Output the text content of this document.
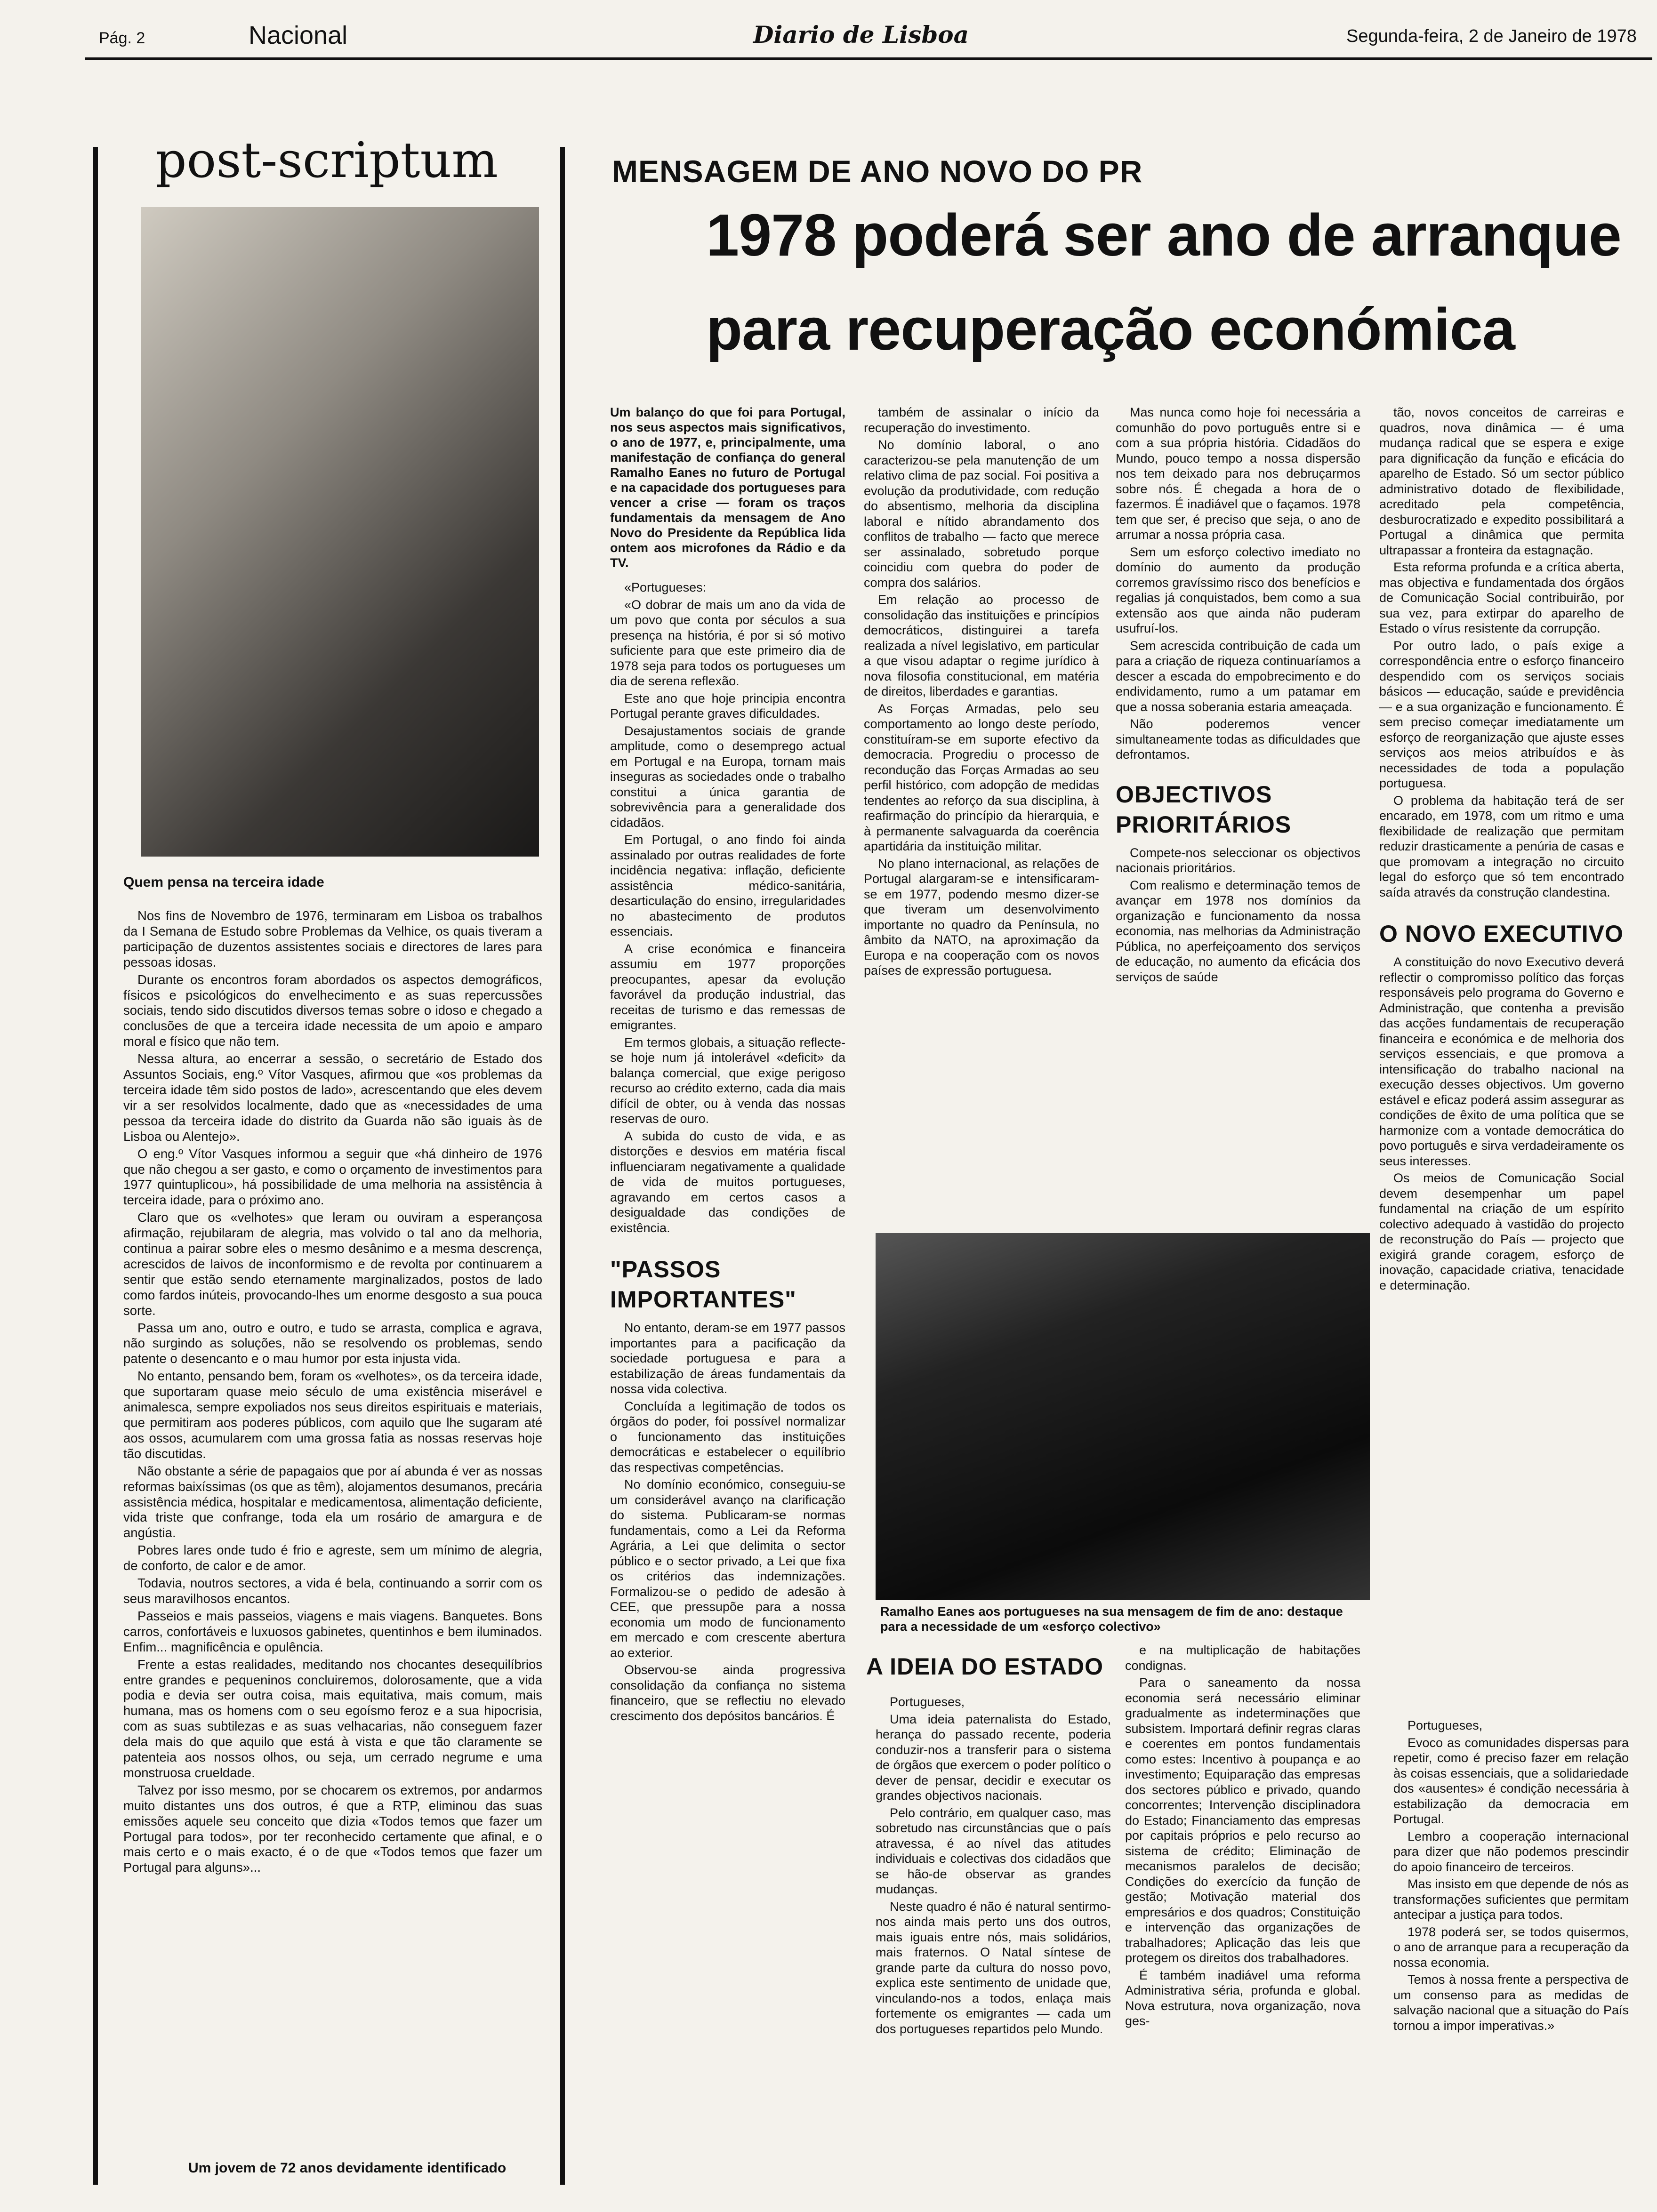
Pág. 2	Nacional	Diario de Lisboa	Segunda-feira, 2 de Janeiro de 1978
post-scriptum
Quem pensa na terceira idade

Nos fins de Novembro de 1976, terminaram em Lisboa os trabalhos da I Semana de Estudo sobre Problemas da Velhice, os quais tiveram a participação de duzentos assistentes sociais e directores de lares para pessoas idosas.

Durante os encontros foram abordados os aspectos demográficos, físicos e psicológicos do envelhecimento e as suas repercussões sociais, tendo sido discutidos diversos temas sobre o idoso e chegado a conclusões de que a terceira idade necessita de um apoio e amparo moral e físico que não tem.

Nessa altura, ao encerrar a sessão, o secretário de Estado dos Assuntos Sociais, eng.º Vítor Vasques, afirmou que «os problemas da terceira idade têm sido postos de lado», acrescentando que eles devem vir a ser resolvidos localmente, dado que as «necessidades de uma pessoa da terceira idade do distrito da Guarda não são iguais às de Lisboa ou Alentejo».

O eng.º Vítor Vasques informou a seguir que «há dinheiro de 1976 que não chegou a ser gasto, e como o orçamento de investimentos para 1977 quintuplicou», há possibilidade de uma melhoria na assistência à terceira idade, para o próximo ano.

Claro que os «velhotes» que leram ou ouviram a esperançosa afirmação, rejubilaram de alegria, mas volvido o tal ano da melhoria, continua a pairar sobre eles o mesmo desânimo e a mesma descrença, acrescidos de laivos de inconformismo e de revolta por continuarem a sentir que estão sendo eternamente marginalizados, postos de lado como fardos inúteis, provocando-lhes um enorme desgosto a sua pouca sorte.

Passa um ano, outro e outro, e tudo se arrasta, complica e agrava, não surgindo as soluções, não se resolvendo os problemas, sendo patente o desencanto e o mau humor por esta injusta vida.

No entanto, pensando bem, foram os «velhotes», os da terceira idade, que suportaram quase meio século de uma existência miserável e animalesca, sempre expoliados nos seus direitos espirituais e materiais, que permitiram aos poderes públicos, com aquilo que lhe sugaram até aos ossos, acumularem com uma grossa fatia as nossas reservas hoje tão discutidas.

Não obstante a série de papagaios que por aí abunda é ver as nossas reformas baixíssimas (os que as têm), alojamentos desumanos, precária assistência médica, hospitalar e medicamentosa, alimentação deficiente, vida triste que confrange, toda ela um rosário de amargura e de angústia.

Pobres lares onde tudo é frio e agreste, sem um mínimo de alegria, de conforto, de calor e de amor.

Todavia, noutros sectores, a vida é bela, continuando a sorrir com os seus maravilhosos encantos.

Passeios e mais passeios, viagens e mais viagens. Banquetes. Bons carros, confortáveis e luxuosos gabinetes, quentinhos e bem iluminados. Enfim... magnificência e opulência.

Frente a estas realidades, meditando nos chocantes desequilíbrios entre grandes e pequeninos concluiremos, dolorosamente, que a vida podia e devia ser outra coisa, mais equitativa, mais comum, mais humana, mas os homens com o seu egoísmo feroz e a sua hipocrisia, com as suas subtilezas e as suas velhacarias, não conseguem fazer dela mais do que aquilo que está à vista e que tão claramente se patenteia aos nossos olhos, ou seja, um cerrado negrume e uma monstruosa crueldade.

Talvez por isso mesmo, por se chocarem os extremos, por andarmos muito distantes uns dos outros, é que a RTP, eliminou das suas emissões aquele seu conceito que dizia «Todos temos que fazer um Portugal para todos», por ter reconhecido certamente que afinal, e o mais certo e o mais exacto, é o de que «Todos temos que fazer um Portugal para alguns»...

Um jovem de 72 anos devidamente identificado
MENSAGEM DE ANO NOVO DO PR
1978 poderá ser ano de arranque
para recuperação económica
Um balanço do que foi para Portugal, nos seus aspectos mais significativos, o ano de 1977, e, principalmente, uma manifestação de confiança do general Ramalho Eanes no futuro de Portugal e na capacidade dos portugueses para vencer a crise — foram os traços fundamentais da mensagem de Ano Novo do Presidente da República lida ontem aos microfones da Rádio e da TV.

«Portugueses:

«O dobrar de mais um ano da vida de um povo que conta por séculos a sua presença na história, é por si só motivo suficiente para que este primeiro dia de 1978 seja para todos os portugueses um dia de serena reflexão.

Este ano que hoje principia encontra Portugal perante graves dificuldades.

Desajustamentos sociais de grande amplitude, como o desemprego actual em Portugal e na Europa, tornam mais inseguras as sociedades onde o trabalho constitui a única garantia de sobrevivência para a generalidade dos cidadãos.

Em Portugal, o ano findo foi ainda assinalado por outras realidades de forte incidência negativa: inflação, deficiente assistência médico-sanitária, desarticulação do ensino, irregularidades no abastecimento de produtos essenciais.

A crise económica e financeira assumiu em 1977 proporções preocupantes, apesar da evolução favorável da produção industrial, das receitas de turismo e das remessas de emigrantes.

Em termos globais, a situação reflecte-se hoje num já intolerável «deficit» da balança comercial, que exige perigoso recurso ao crédito externo, cada dia mais difícil de obter, ou à venda das nossas reservas de ouro.

A subida do custo de vida, e as distorções e desvios em matéria fiscal influenciaram negativamente a qualidade de vida de muitos portugueses, agravando em certos casos a desigualdade das condições de existência.

"PASSOS IMPORTANTES"

No entanto, deram-se em 1977 passos importantes para a pacificação da sociedade portuguesa e para a estabilização de áreas fundamentais da nossa vida colectiva.

Concluída a legitimação de todos os órgãos do poder, foi possível normalizar o funcionamento das instituições democráticas e estabelecer o equilíbrio das respectivas competências.

No domínio económico, conseguiu-se um considerável avanço na clarificação do sistema. Publicaram-se normas fundamentais, como a Lei da Reforma Agrária, a Lei que delimita o sector público e o sector privado, a Lei que fixa os critérios das indemnizações. Formalizou-se o pedido de adesão à CEE, que pressupõe para a nossa economia um modo de funcionamento em mercado e com crescente abertura ao exterior.

Observou-se ainda progressiva consolidação da confiança no sistema financeiro, que se reflectiu no elevado crescimento dos depósitos bancários. É

também de assinalar o início da recuperação do investimento.

No domínio laboral, o ano caracterizou-se pela manutenção de um relativo clima de paz social. Foi positiva a evolução da produtividade, com redução do absentismo, melhoria da disciplina laboral e nítido abrandamento dos conflitos de trabalho — facto que merece ser assinalado, sobretudo porque coincidiu com quebra do poder de compra dos salários.

Em relação ao processo de consolidação das instituições e princípios democráticos, distinguirei a tarefa realizada a nível legislativo, em particular a que visou adaptar o regime jurídico à nova filosofia constitucional, em matéria de direitos, liberdades e garantias.

As Forças Armadas, pelo seu comportamento ao longo deste período, constituíram-se em suporte efectivo da democracia. Progrediu o processo de recondução das Forças Armadas ao seu perfil histórico, com adopção de medidas tendentes ao reforço da sua disciplina, à reafirmação do princípio da hierarquia, e à permanente salvaguarda da coerência apartidária da instituição militar.

No plano internacional, as relações de Portugal alargaram-se e intensificaram-se em 1977, podendo mesmo dizer-se que tiveram um desenvolvimento importante no quadro da Península, no âmbito da NATO, na aproximação da Europa e na cooperação com os novos países de expressão portuguesa.

Mas nunca como hoje foi necessária a comunhão do povo português entre si e com a sua própria história. Cidadãos do Mundo, pouco tempo a nossa dispersão nos tem deixado para nos debruçarmos sobre nós. É chegada a hora de o fazermos. É inadiável que o façamos. 1978 tem que ser, é preciso que seja, o ano de arrumar a nossa própria casa.

Sem um esforço colectivo imediato no domínio do aumento da produção corremos gravíssimo risco dos benefícios e regalias já conquistados, bem como a sua extensão aos que ainda não puderam usufruí-los.

Sem acrescida contribuição de cada um para a criação de riqueza continuaríamos a descer a escada do empobrecimento e do endividamento, rumo a um patamar em que a nossa soberania estaria ameaçada.

Não poderemos vencer simultaneamente todas as dificuldades que defrontamos.

OBJECTIVOS PRIORITÁRIOS

Compete-nos seleccionar os objectivos nacionais prioritários.

Com realismo e determinação temos de avançar em 1978 nos domínios da organização e funcionamento da nossa economia, nas melhorias da Administração Pública, no aperfeiçoamento dos serviços de educação, no aumento da eficácia dos serviços de saúde

tão, novos conceitos de carreiras e quadros, nova dinâmica — é uma mudança radical que se espera e exige para dignificação da função e eficácia do aparelho de Estado. Só um sector público administrativo dotado de flexibilidade, acreditado pela competência, desburocratizado e expedito possibilitará a Portugal a dinâmica que permita ultrapassar a fronteira da estagnação.

Esta reforma profunda e a crítica aberta, mas objectiva e fundamentada dos órgãos de Comunicação Social contribuirão, por sua vez, para extirpar do aparelho de Estado o vírus resistente da corrupção.

Por outro lado, o país exige a correspondência entre o esforço financeiro despendido com os serviços sociais básicos — educação, saúde e previdência — e a sua organização e funcionamento. É sem preciso começar imediatamente um esforço de reorganização que ajuste esses serviços aos meios atribuídos e às necessidades de toda a população portuguesa.

O problema da habitação terá de ser encarado, em 1978, com um ritmo e uma flexibilidade de realização que permitam reduzir drasticamente a penúria de casas e que promovam a integração no circuito legal do esforço que só tem encontrado saída através da construção clandestina.

O NOVO EXECUTIVO

A constituição do novo Executivo deverá reflectir o compromisso político das forças responsáveis pelo programa do Governo e Administração, que contenha a previsão das acções fundamentais de recuperação financeira e económica e de melhoria dos serviços essenciais, e que promova a intensificação do trabalho nacional na execução desses objectivos. Um governo estável e eficaz poderá assim assegurar as condições de êxito de uma política que se harmonize com a vontade democrática do povo português e sirva verdadeiramente os seus interesses.

Os meios de Comunicação Social devem desempenhar um papel fundamental na criação de um espírito colectivo adequado à vastidão do projecto de reconstrução do País — projecto que exigirá grande coragem, esforço de inovação, capacidade criativa, tenacidade e determinação.

Ramalho Eanes aos portugueses na sua mensagem de fim de ano: destaque para a necessidade de um «esforço colectivo»
A IDEIA DO ESTADO

Portugueses,

Uma ideia paternalista do Estado, herança do passado recente, poderia conduzir-nos a transferir para o sistema de órgãos que exercem o poder político o dever de pensar, decidir e executar os grandes objectivos nacionais.

Pelo contrário, em qualquer caso, mas sobretudo nas circunstâncias que o país atravessa, é ao nível das atitudes individuais e colectivas dos cidadãos que se hão-de observar as grandes mudanças.

Neste quadro é não é natural sentirmo-nos ainda mais perto uns dos outros, mais iguais entre nós, mais solidários, mais fraternos. O Natal síntese de grande parte da cultura do nosso povo, explica este sentimento de unidade que, vinculando-nos a todos, enlaça mais fortemente os emigrantes — cada um dos portugueses repartidos pelo Mundo.

e na multiplicação de habitações condignas.

Para o saneamento da nossa economia será necessário eliminar gradualmente as indeterminações que subsistem. Importará definir regras claras e coerentes em pontos fundamentais como estes: Incentivo à poupança e ao investimento; Equiparação das empresas dos sectores público e privado, quando concorrentes; Intervenção disciplinadora do Estado; Financiamento das empresas por capitais próprios e pelo recurso ao sistema de crédito; Eliminação de mecanismos paralelos de decisão; Condições do exercício da função de gestão; Motivação material dos empresários e dos quadros; Constituição e intervenção das organizações de trabalhadores; Aplicação das leis que protegem os direitos dos trabalhadores.

É também inadiável uma reforma Administrativa séria, profunda e global. Nova estrutura, nova organização, nova ges-

Portugueses,

Evoco as comunidades dispersas para repetir, como é preciso fazer em relação às coisas essenciais, que a solidariedade dos «ausentes» é condição necessária à estabilização da democracia em Portugal.

Lembro a cooperação internacional para dizer que não podemos prescindir do apoio financeiro de terceiros.

Mas insisto em que depende de nós as transformações suficientes que permitam antecipar a justiça para todos.

1978 poderá ser, se todos quisermos, o ano de arranque para a recuperação da nossa economia.

Temos à nossa frente a perspectiva de um consenso para as medidas de salvação nacional que a situação do País tornou a impor imperativas.»
